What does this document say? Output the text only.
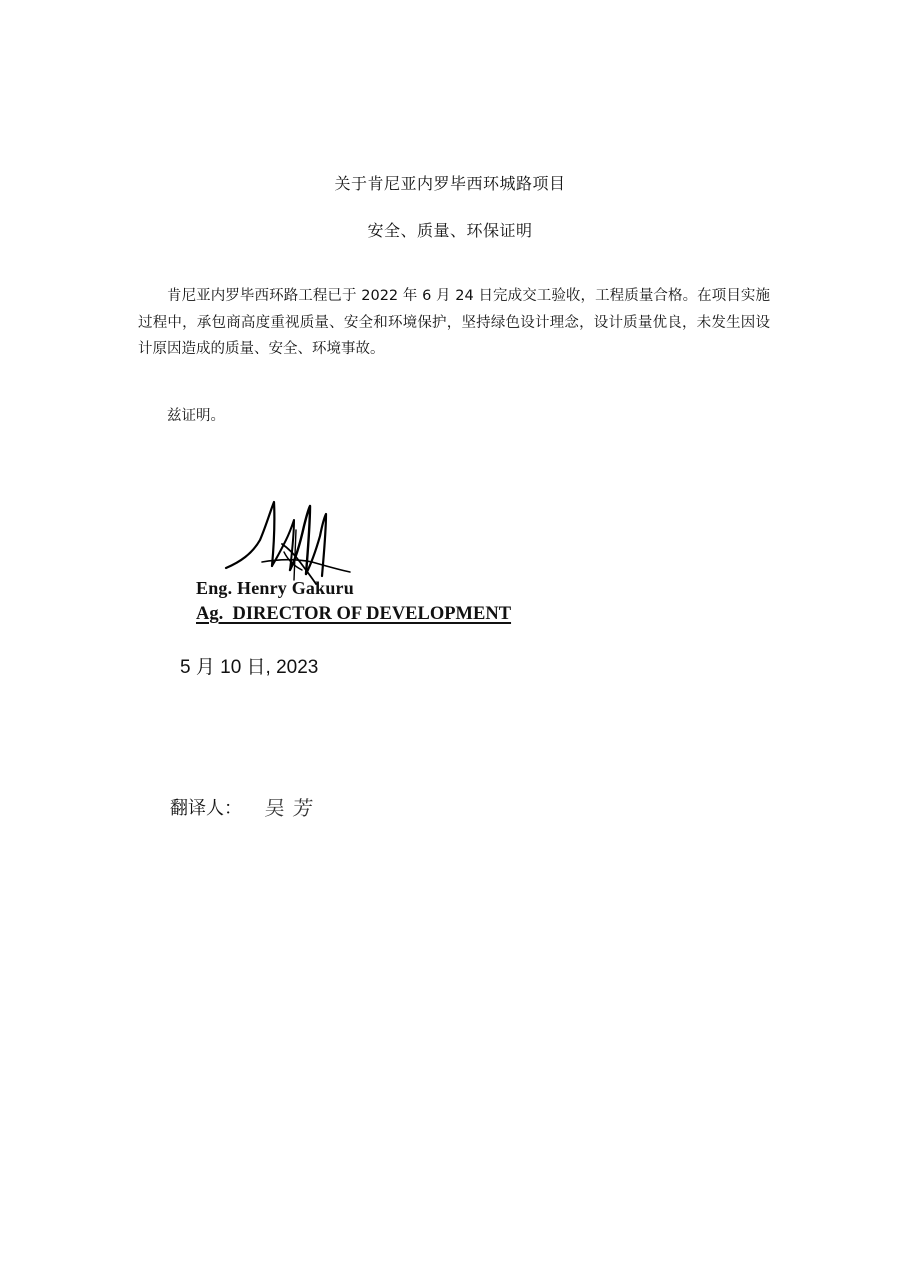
关于肯尼亚内罗毕西环城路项目
安全、质量、环保证明

肯尼亚内罗毕西环路工程已于 2022 年 6 月 24 日完成交工验收，工程质量合格。在项目实施过程中，承包商高度重视质量、安全和环境保护，坚持绿色设计理念，设计质量优良，未发生因设计原因造成的质量、安全、环境事故。

兹证明。

Eng. Henry Gakuru
Ag.  DIRECTOR OF DEVELOPMENT
5 月 10 日, 2023
翻译人： 吴芳
